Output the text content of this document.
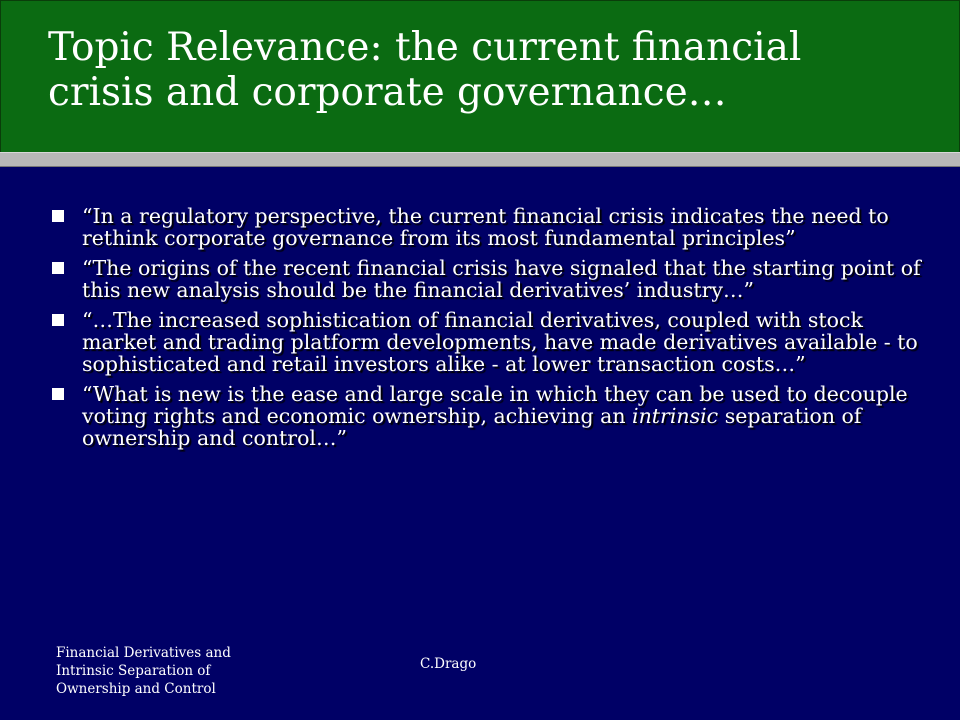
Topic Relevance: the current financial
crisis and corporate governance…
“In a regulatory perspective, the current financial crisis indicates the need to rethink corporate governance from its most fundamental principles”
“The origins of the recent financial crisis have signaled that the starting point of this new analysis should be the financial derivatives’ industry…”
“…The increased sophistication of financial derivatives, coupled with stock market and trading platform developments, have made derivatives available - to sophisticated and retail investors alike - at lower transaction costs…”
“What is new is the ease and large scale in which they can be used to decouple voting rights and economic ownership, achieving an intrinsic separation of ownership and control…”
Financial Derivatives and
Intrinsic Separation of
Ownership and Control
C.Drago
